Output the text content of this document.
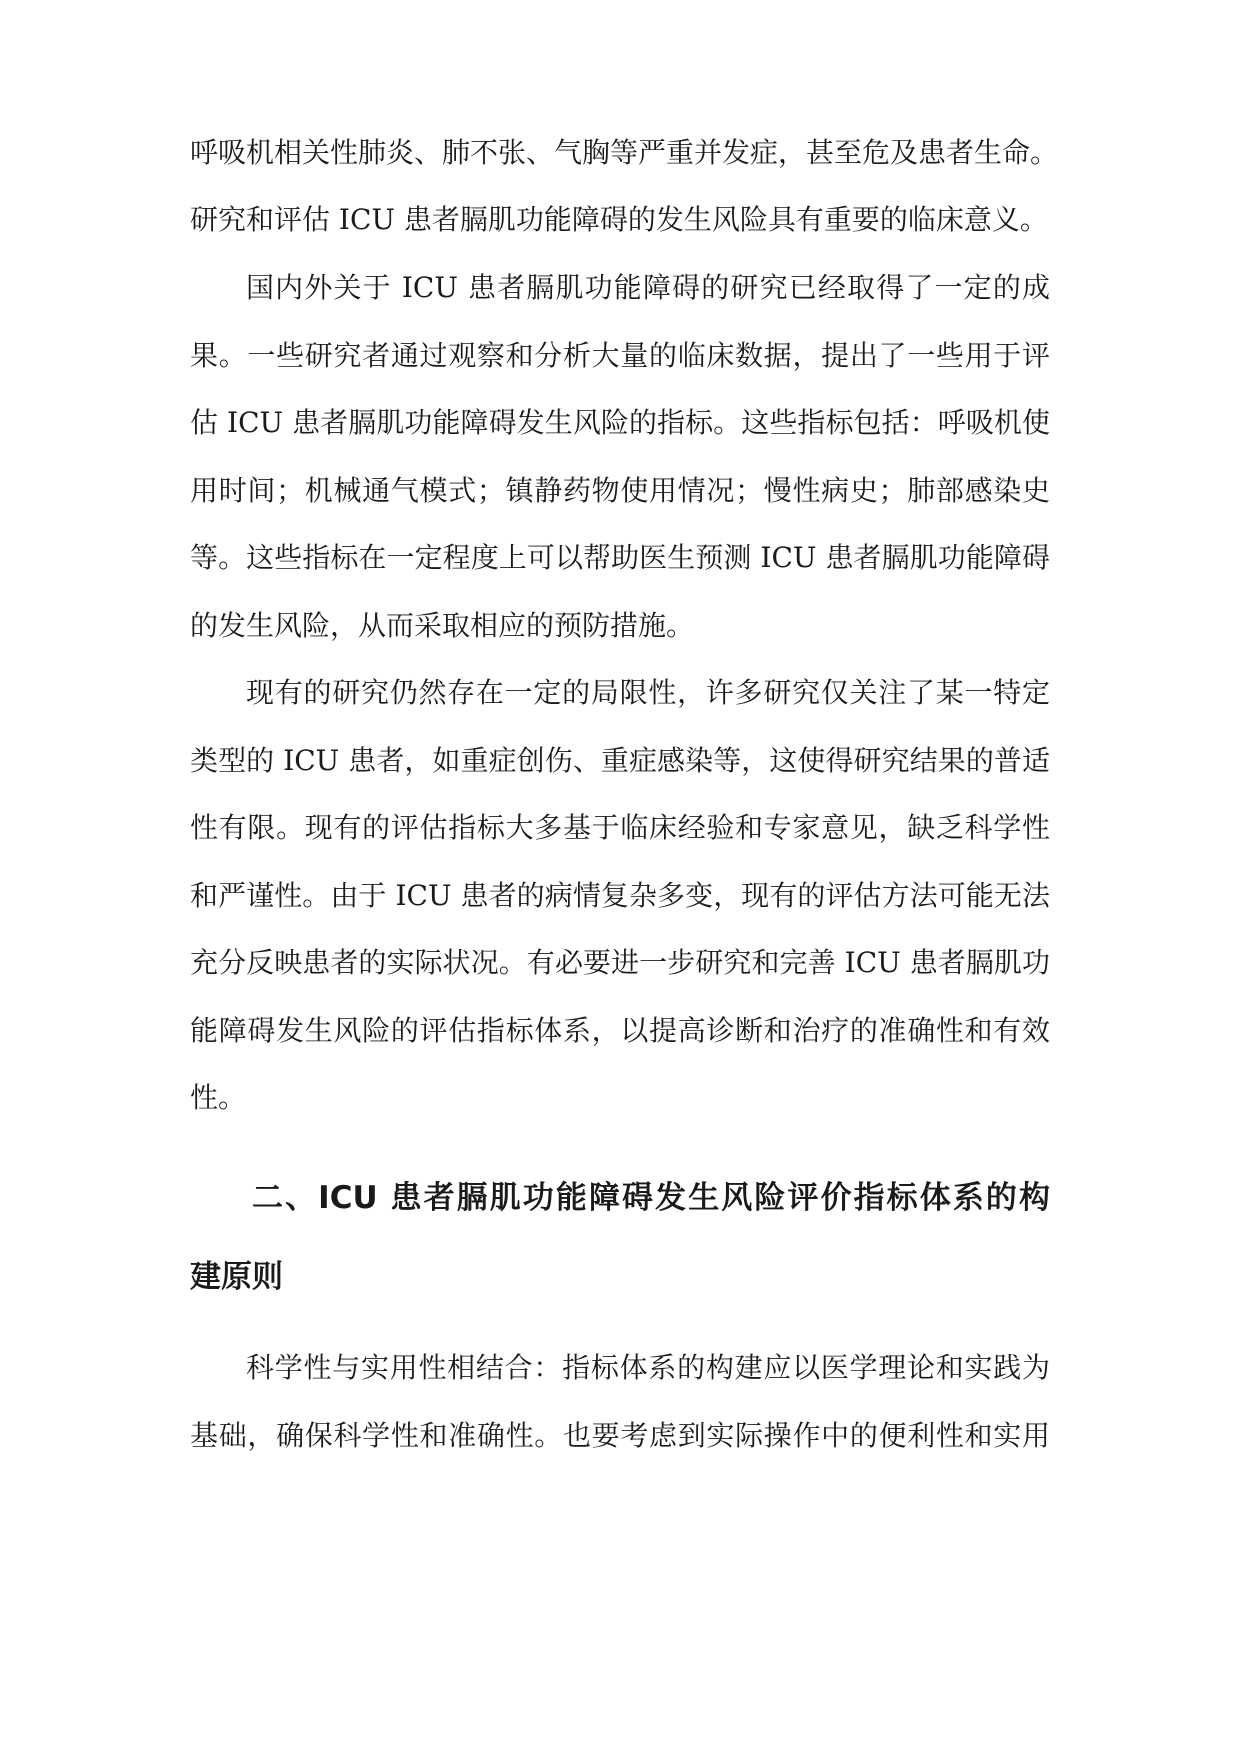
呼吸机相关性肺炎、肺不张、气胸等严重并发症，甚至危及患者生命。
研究和评估 ICU 患者膈肌功能障碍的发生风险具有重要的临床意义。
国内外关于 ICU 患者膈肌功能障碍的研究已经取得了一定的成
果。一些研究者通过观察和分析大量的临床数据，提出了一些用于评
估 ICU 患者膈肌功能障碍发生风险的指标。这些指标包括：呼吸机使
用时间；机械通气模式；镇静药物使用情况；慢性病史；肺部感染史
等。这些指标在一定程度上可以帮助医生预测 ICU 患者膈肌功能障碍
的发生风险，从而采取相应的预防措施。
现有的研究仍然存在一定的局限性，许多研究仅关注了某一特定
类型的 ICU 患者，如重症创伤、重症感染等，这使得研究结果的普适
性有限。现有的评估指标大多基于临床经验和专家意见，缺乏科学性
和严谨性。由于 ICU 患者的病情复杂多变，现有的评估方法可能无法
充分反映患者的实际状况。有必要进一步研究和完善 ICU 患者膈肌功
能障碍发生风险的评估指标体系，以提高诊断和治疗的准确性和有效
性。
二、ICU 患者膈肌功能障碍发生风险评价指标体系的构
建原则
科学性与实用性相结合：指标体系的构建应以医学理论和实践为
基础，确保科学性和准确性。也要考虑到实际操作中的便利性和实用
